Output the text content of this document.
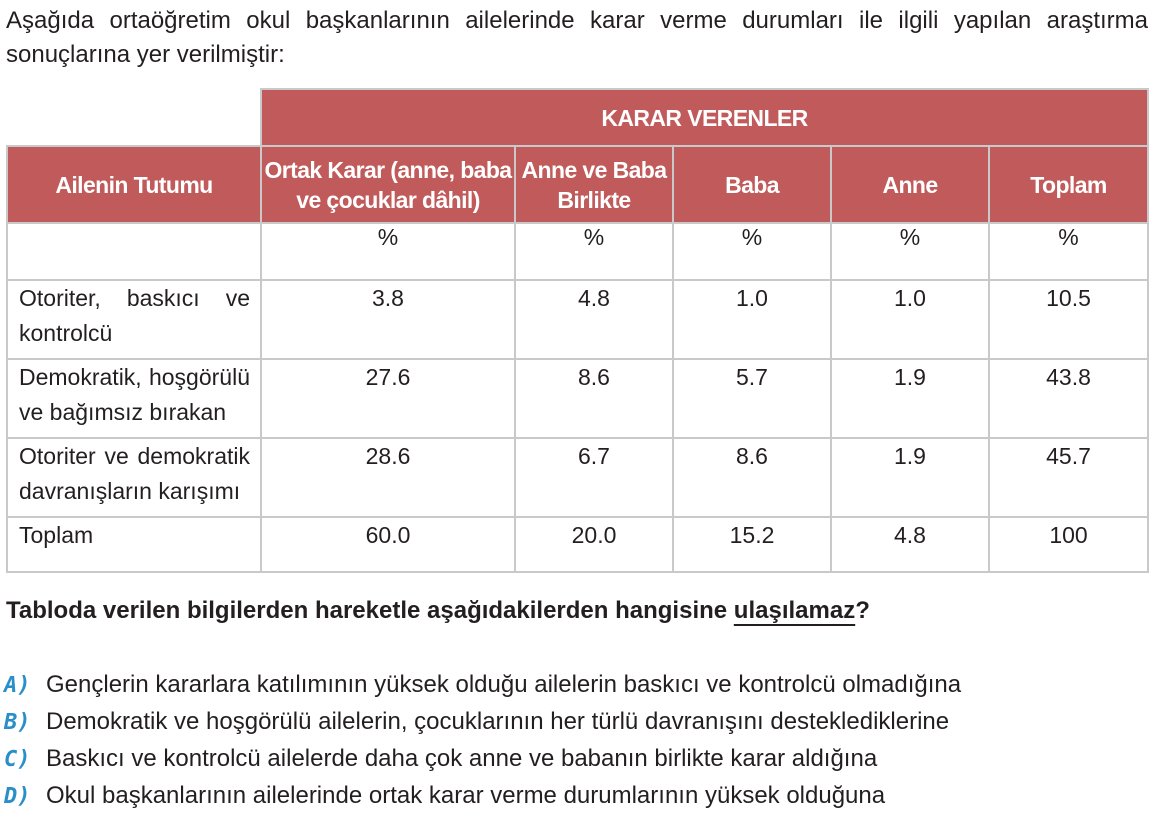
Aşağıda ortaöğretim okul başkanlarının ailelerinde karar verme durumları ile ilgili yapılan araştırma sonuçlarına yer verilmiştir:
	KARAR VERENLER				
Ailenin Tutumu	Ortak Karar (anne, baba ve çocuklar dâhil)	Anne ve Baba Birlikte	Baba	Anne	Toplam
	%	%	%	%	%
Otoriter, baskıcı ve kontrolcü	3.8	4.8	1.0	1.0	10.5
Demokratik, hoşgörülü ve bağımsız bırakan	27.6	8.6	5.7	1.9	43.8
Otoriter ve demokratik davranışların karışımı	28.6	6.7	8.6	1.9	45.7
Toplam	60.0	20.0	15.2	4.8	100
Tabloda verilen bilgilerden hareketle aşağıdakilerden hangisine ulaşılamaz?
A) Gençlerin kararlara katılımının yüksek olduğu ailelerin baskıcı ve kontrolcü olmadığına
B) Demokratik ve hoşgörülü ailelerin, çocuklarının her türlü davranışını desteklediklerine
C) Baskıcı ve kontrolcü ailelerde daha çok anne ve babanın birlikte karar aldığına
D) Okul başkanlarının ailelerinde ortak karar verme durumlarının yüksek olduğuna
